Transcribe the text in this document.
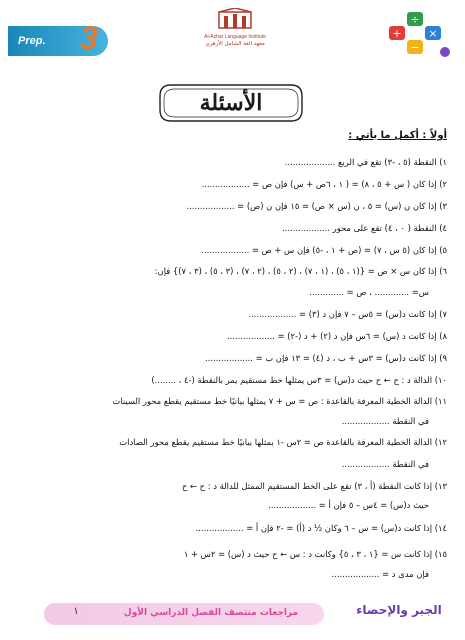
Prep. 3	Al-Azhar Language Institute
معهد الغة الشامل الأزهري
÷
+ ×
−
الأسئلة
أولاً : أكمل ما يأتي :
١) النقطة (٥ ، -٣) تقع في الربع ...................
٢) إذا كان ( س + ٥ ، ٨) = ( ١ ، ٦ص + س) فإن ص = ..................
٣) إذا كان ن (س) = ٥ ، ن (س × ص) = ١٥ فإن ن (ص) = ..................
٤) النقطة ( ٠ ، ٤) تقع على محور ..................
٥) إذا كان (٥ س ، ٧) = (ص + ١ ، -٥) فإن س + ص = ..................
٦) إذا كان س × ص = {(١ ، ٥) ، (١ ، ٧) ، (٢ ، ٥) ، (٢ ، ٧) ، (٣ ، ٥) ، (٣ ، ٧)} فإن:
س= ............. ، ص = .............
٧) إذا كانت د(س) = ٥س – ٧ فإن د (٣) = ..................
٨) إذا كانت د (س) = ٦س فإن د (٢) + د (-٢) = ..................
٩) إذا كانت د(س) = ٣س + ب ، د (٤) = ١٣ فإن ب = ..................
١٠) الدالة د : ح ← ح حيث د(س) = ٣س يمثلها خط مستقيم يمر بالنقطة (-٤ ، ........)
١١) الدالة الخطية المعرفة بالقاعدة : ص = س + ٧ يمثلها بيانيًا خط مستقيم يقطع محور السينات
في النقطة ..................
١٢) الدالة الخطية المعرفة بالقاعدة ص = ٢س -١ يمثلها بيانيًا خط مستقيم يقطع محور الصادات
في النقطة ..................
١٣) إذا كانت النقطة (أ ، ٣) تقع على الخط المستقيم الممثل للدالة د : ح ← ح
حيث د(س) = ٤س – ٥ فإن أ = ..................
١٤) إذا كانت د(س) = س – ٦ وكان ½ د (أ) = -٢ فإن أ = ..................
١٥) إذا كانت س = {١ ، ٣ ، ٥} وكانت د : س ← ح حيث د (س) = ٢س + ١
فإن مدى د = ..................
١	مراجعات منتصف الفصل الدراسي الأول	الجبر والإحصاء
